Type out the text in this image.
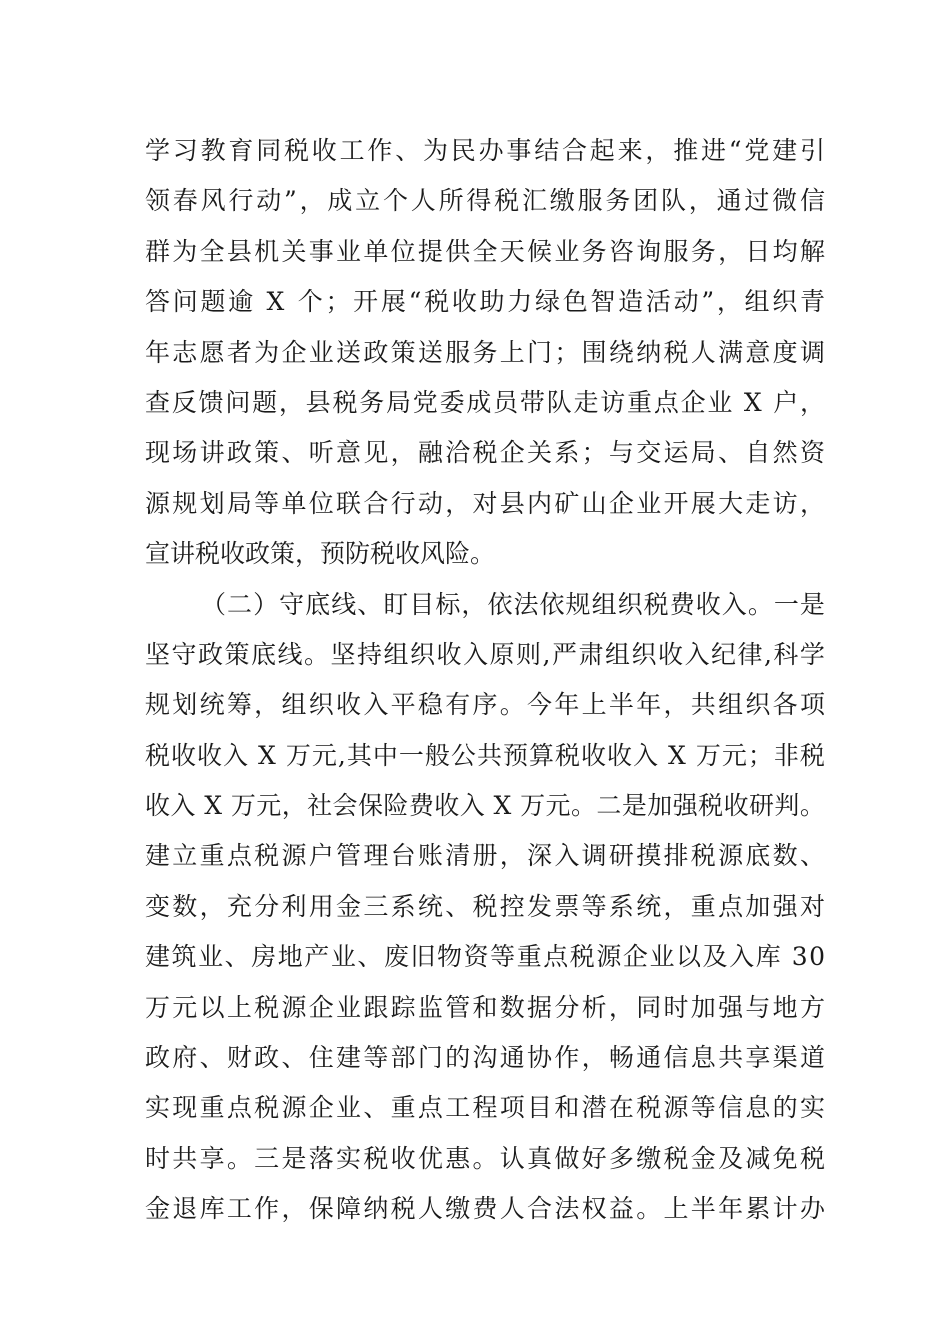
学习教育同税收工作、为民办事结合起来，推进“党建引
领春风行动”，成立个人所得税汇缴服务团队，通过微信
群为全县机关事业单位提供全天候业务咨询服务，日均解
答问题逾 X 个；开展“税收助力绿色智造活动”，组织青
年志愿者为企业送政策送服务上门；围绕纳税人满意度调
查反馈问题，县税务局党委成员带队走访重点企业 X 户，
现场讲政策、听意见，融洽税企关系；与交运局、自然资
源规划局等单位联合行动，对县内矿山企业开展大走访，
宣讲税收政策，预防税收风险。
（二）守底线、盯目标，依法依规组织税费收入。一是
坚守政策底线。坚持组织收入原则,严肃组织收入纪律,科学
规划统筹，组织收入平稳有序。今年上半年，共组织各项
税收收入 X 万元,其中一般公共预算税收收入 X 万元；非税
收入 X 万元，社会保险费收入 X 万元。二是加强税收研判。
建立重点税源户管理台账清册，深入调研摸排税源底数、
变数，充分利用金三系统、税控发票等系统，重点加强对
建筑业、房地产业、废旧物资等重点税源企业以及入库 30
万元以上税源企业跟踪监管和数据分析，同时加强与地方
政府、财政、住建等部门的沟通协作，畅通信息共享渠道
实现重点税源企业、重点工程项目和潜在税源等信息的实
时共享。三是落实税收优惠。认真做好多缴税金及减免税
金退库工作，保障纳税人缴费人合法权益。上半年累计办
